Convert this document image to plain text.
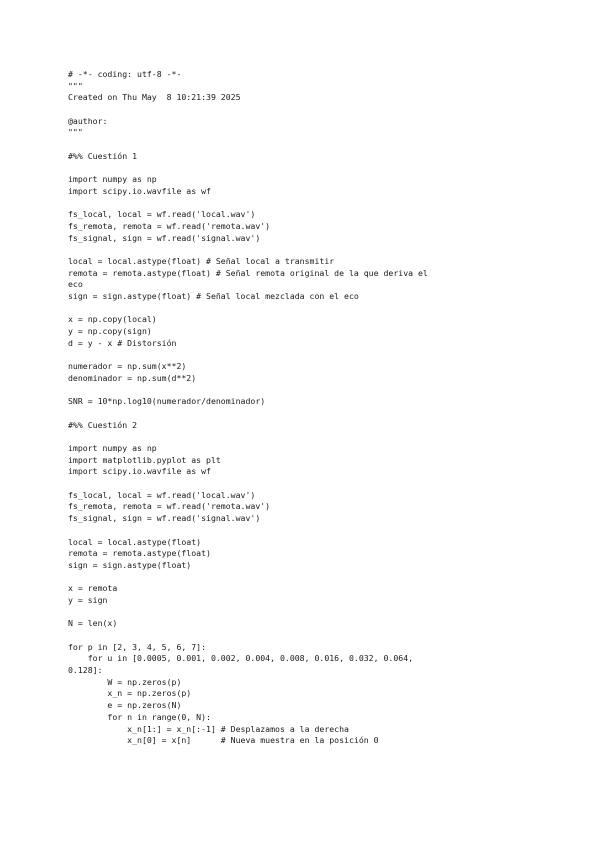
# -*- coding: utf-8 -*-
"""
Created on Thu May  8 10:21:39 2025
@author:
"""
#%% Cuestión 1
import numpy as np
import scipy.io.wavfile as wf
fs_local, local = wf.read('local.wav')
fs_remota, remota = wf.read('remota.wav')
fs_signal, sign = wf.read('signal.wav')
local = local.astype(float) # Señal local a transmitir
remota = remota.astype(float) # Señal remota original de la que deriva el
eco
sign = sign.astype(float) # Señal local mezclada con el eco
x = np.copy(local)
y = np.copy(sign)
d = y - x # Distorsión
numerador = np.sum(x**2)
denominador = np.sum(d**2)
SNR = 10*np.log10(numerador/denominador)
#%% Cuestión 2
import numpy as np
import matplotlib.pyplot as plt
import scipy.io.wavfile as wf
fs_local, local = wf.read('local.wav')
fs_remota, remota = wf.read('remota.wav')
fs_signal, sign = wf.read('signal.wav')
local = local.astype(float)
remota = remota.astype(float)
sign = sign.astype(float)
x = remota
y = sign
N = len(x)
for p in [2, 3, 4, 5, 6, 7]:
for u in [0.0005, 0.001, 0.002, 0.004, 0.008, 0.016, 0.032, 0.064,
0.128]:
W = np.zeros(p)
x_n = np.zeros(p)
e = np.zeros(N)
for n in range(0, N):
x_n[1:] = x_n[:-1] # Desplazamos a la derecha
x_n[0] = x[n]      # Nueva muestra en la posición 0
